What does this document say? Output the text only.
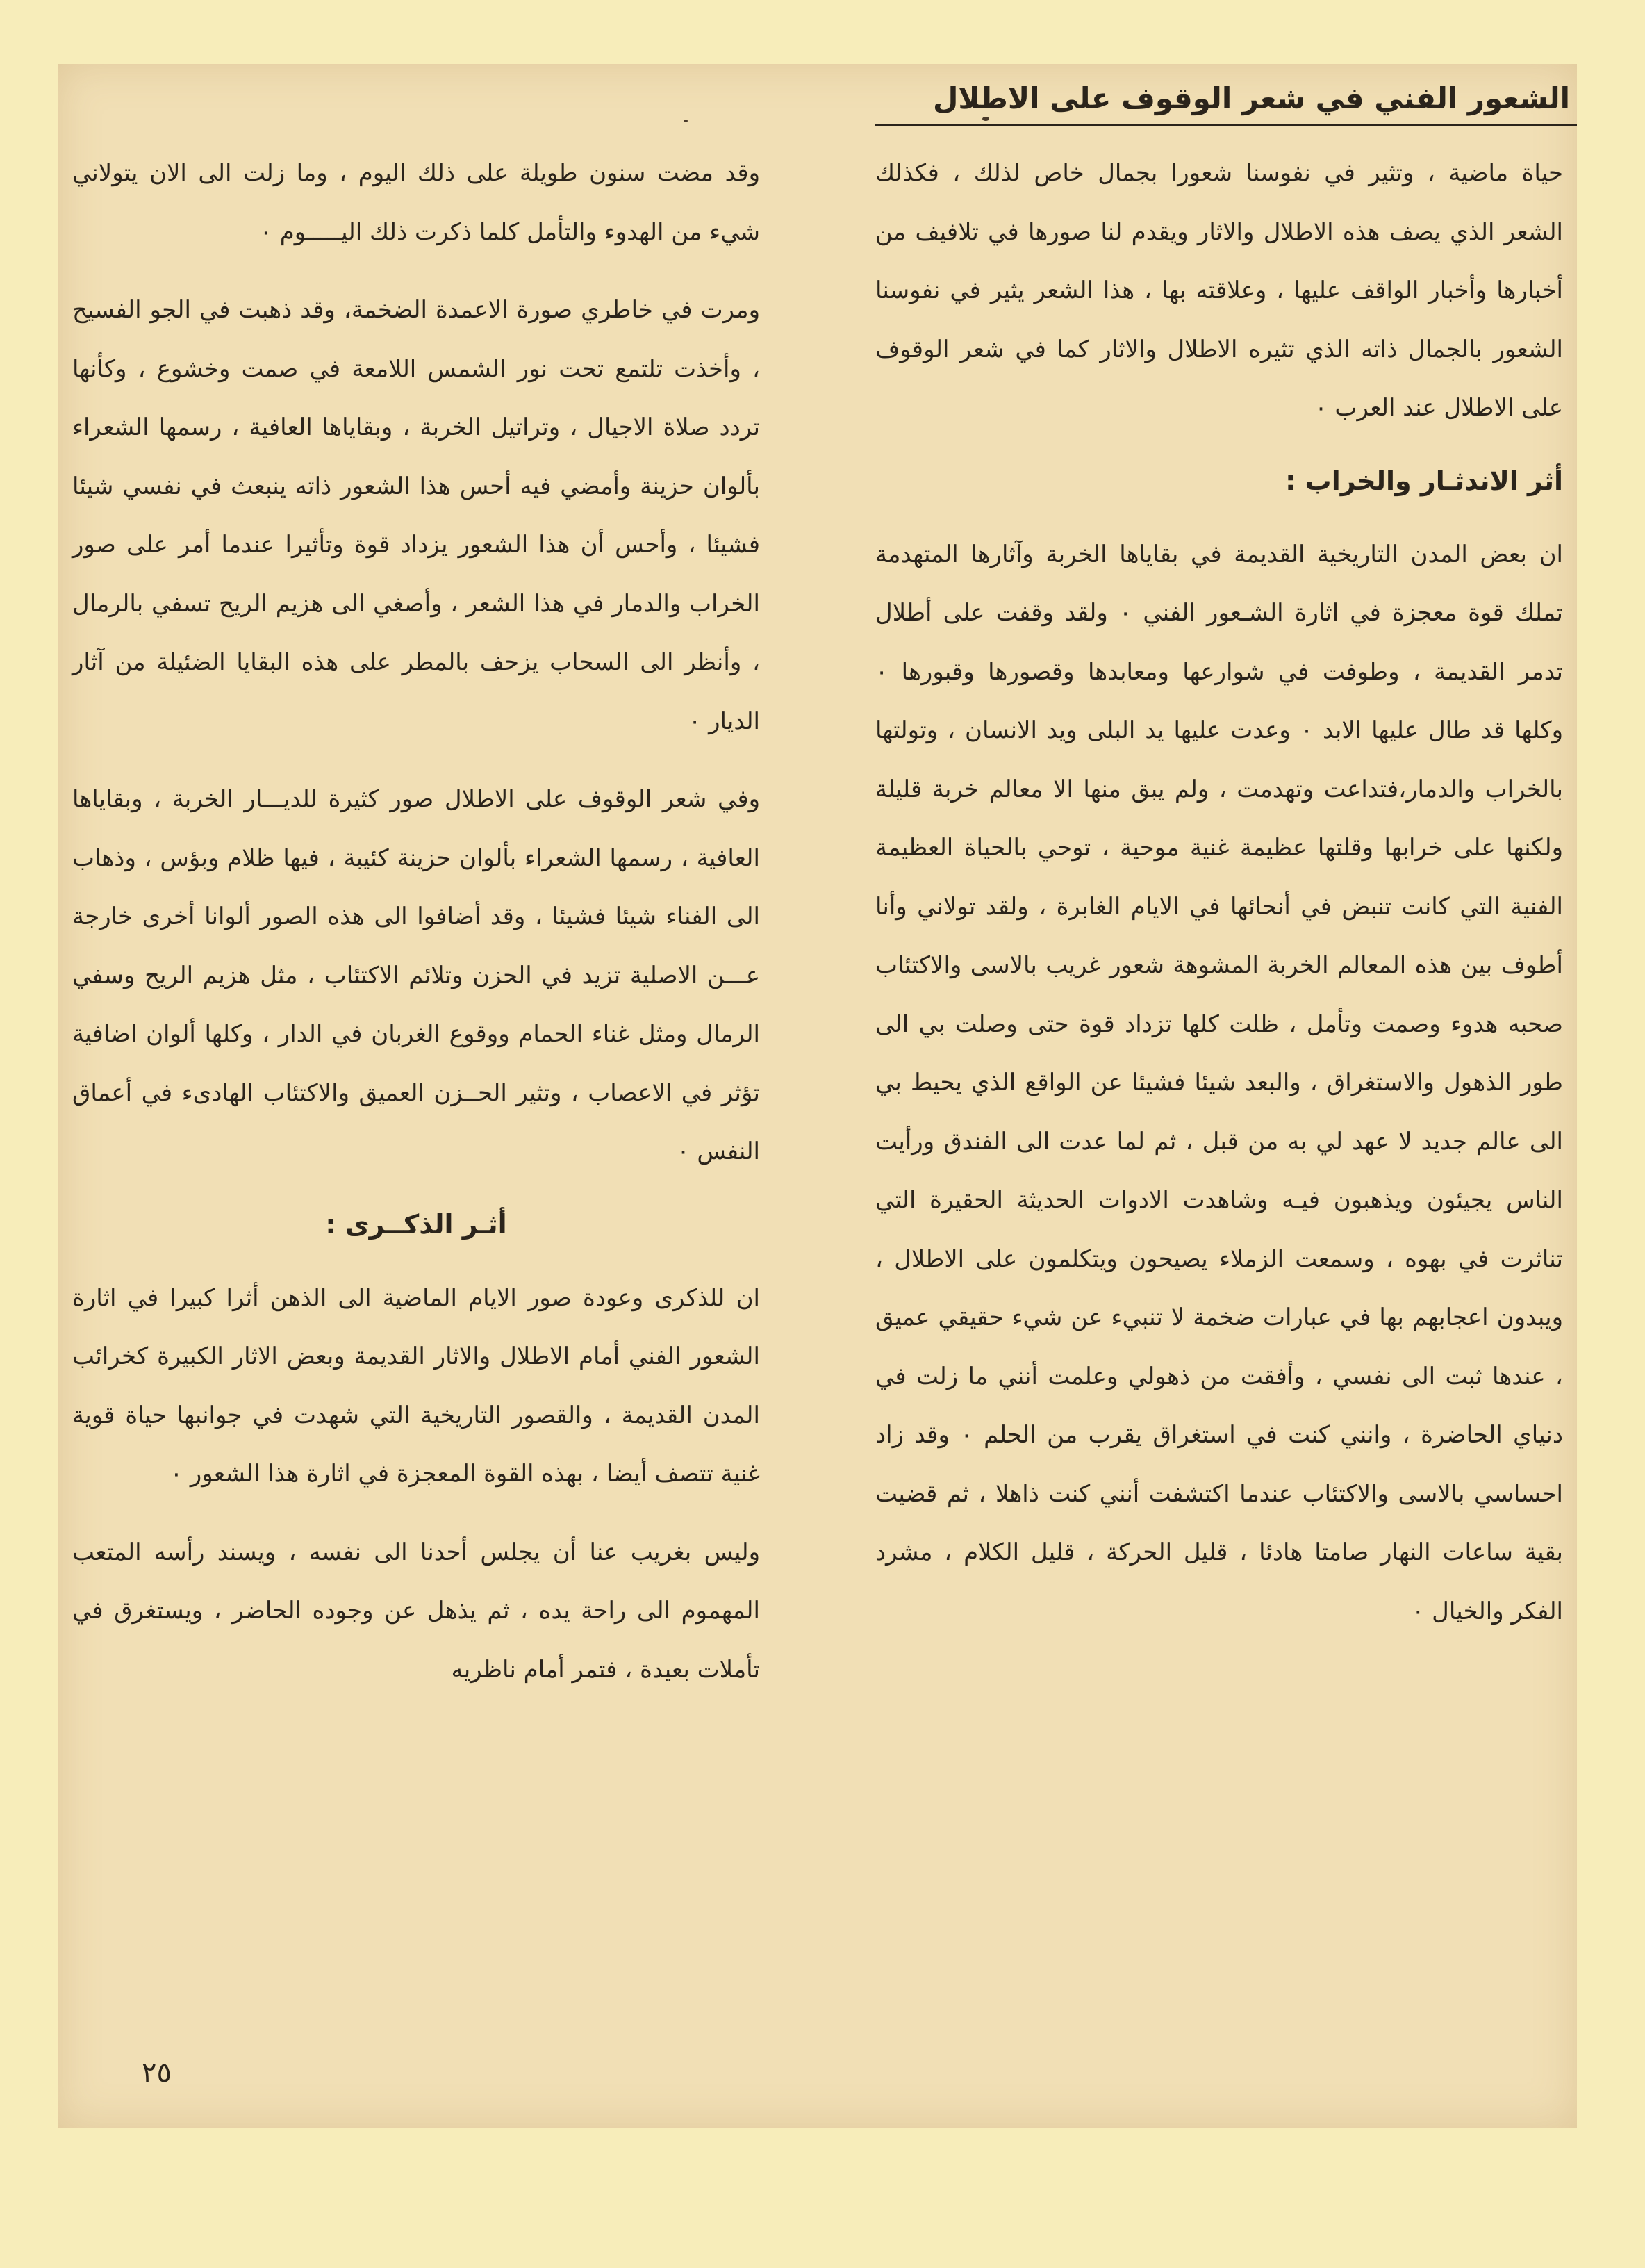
الشعور الفني في شعر الوقوف على الاطلال

حياة ماضية ، وتثير في نفوسنا شعورا بجمال خاص لذلك ، فكذلك الشعر الذي يصف هذه الاطلال والاثار ويقدم لنا صورها في تلافيف من أخبارها وأخبار الواقف عليها ، وعلاقته بها ، هذا الشعر يثير في نفوسنا الشعور بالجمال ذاته الذي تثيره الاطلال والاثار كما في شعر الوقوف على الاطلال عند العرب ٠

أثر الاندثـار والخراب :

ان بعض المدن التاريخية القديمة في بقاياها الخربة وآثارها المتهدمة تملك قوة معجزة في اثارة الشـعور الفني ٠ ولقد وقفت على أطلال تدمر القديمة ، وطوفت في شوارعها ومعابدها وقصورها وقبورها ٠ وكلها قد طال عليها الابد ٠ وعدت عليها يد البلى ويد الانسان ، وتولتها بالخراب والدمار،فتداعت وتهدمت ، ولم يبق منها الا معالم خربة قليلة ولكنها على خرابها وقلتها عظيمة غنية موحية ، توحي بالحياة العظيمة الفنية التي كانت تنبض في أنحائها في الايام الغابرة ، ولقد تولاني وأنا أطوف بين هذه المعالم الخربة المشوهة شعور غريب بالاسى والاكتئاب صحبه هدوء وصمت وتأمل ، ظلت كلها تزداد قوة حتى وصلت بي الى طور الذهول والاستغراق ، والبعد شيئا فشيئا عن الواقع الذي يحيط بي الى عالم جديد لا عهد لي به من قبل ، ثم لما عدت الى الفندق ورأيت الناس يجيئون ويذهبون فيـه وشاهدت الادوات الحديثة الحقيرة التي تناثرت في بهوه ، وسمعت الزملاء يصيحون ويتكلمون على الاطلال ، ويبدون اعجابهم بها في عبارات ضخمة لا تنبيء عن شيء حقيقي عميق ، عندها ثبت الى نفسي ، وأفقت من ذهولي وعلمت أنني ما زلت في دنياي الحاضرة ، وانني كنت في استغراق يقرب من الحلم ٠ وقد زاد احساسي بالاسى والاكتئاب عندما اكتشفت أنني كنت ذاهلا ، ثم قضيت بقية ساعات النهار صامتا هادئا ، قليل الحركة ، قليل الكلام ، مشرد الفكر والخيال ٠

وقد مضت سنون طويلة على ذلك اليوم ، وما زلت الى الان يتولاني شيء من الهدوء والتأمل كلما ذكرت ذلك اليـــــوم ٠

ومرت في خاطري صورة الاعمدة الضخمة، وقد ذهبت في الجو الفسيح ، وأخذت تلتمع تحت نور الشمس اللامعة في صمت وخشوع ، وكأنها تردد صلاة الاجيال ، وتراتيل الخربة ، وبقاياها العافية ، رسمها الشعراء بألوان حزينة وأمضي فيه أحس هذا الشعور ذاته ينبعث في نفسي شيئا فشيئا ، وأحس أن هذا الشعور يزداد قوة وتأثيرا عندما أمر على صور الخراب والدمار في هذا الشعر ، وأصغي الى هزيم الريح تسفي بالرمال ، وأنظر الى السحاب يزحف بالمطر على هذه البقايا الضئيلة من آثار الديار ٠

وفي شعر الوقوف على الاطلال صور كثيرة للديـــار الخربة ، وبقاياها العافية ، رسمها الشعراء بألوان حزينة كئيبة ، فيها ظلام وبؤس ، وذهاب الى الفناء شيئا فشيئا ، وقد أضافوا الى هذه الصور ألوانا أخرى خارجة عـــن الاصلية تزيد في الحزن وتلائم الاكتئاب ، مثل هزيم الريح وسفي الرمال ومثل غناء الحمام ووقوع الغربان في الدار ، وكلها ألوان اضافية تؤثر في الاعصاب ، وتثير الحــزن العميق والاكتئاب الهادىء في أعماق النفس ٠

أثـر الذكــرى :

ان للذكرى وعودة صور الايام الماضية الى الذهن أثرا كبيرا في اثارة الشعور الفني أمام الاطلال والاثار القديمة وبعض الاثار الكبيرة كخرائب المدن القديمة ، والقصور التاريخية التي شهدت في جوانبها حياة قوية غنية تتصف أيضا ، بهذه القوة المعجزة في اثارة هذا الشعور ٠

وليس بغريب عنا أن يجلس أحدنا الى نفسه ، ويسند رأسه المتعب المهموم الى راحة يده ، ثم يذهل عن وجوده الحاضر ، ويستغرق في تأملات بعيدة ، فتمر أمام ناظريه

٢٥
